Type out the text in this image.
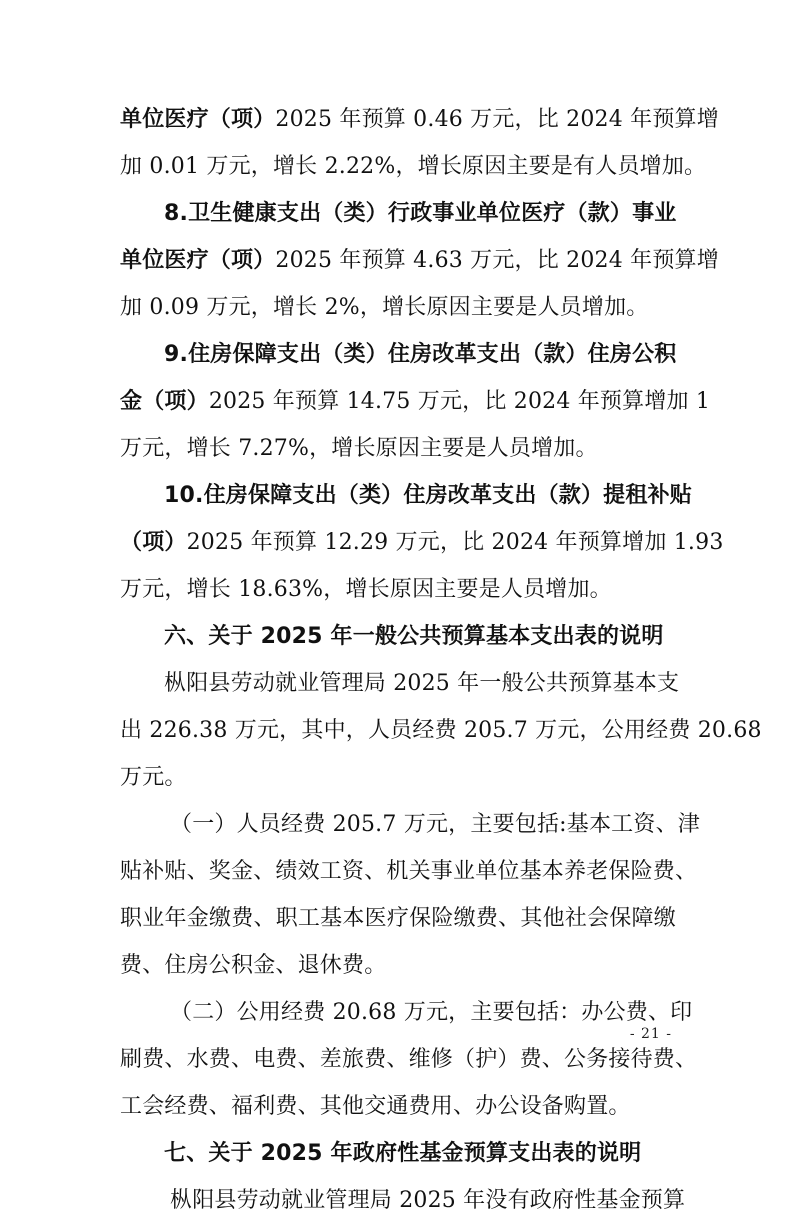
单位医疗（项）2025 年预算 0.46 万元，比 2024 年预算增
加 0.01 万元，增长 2.22%，增长原因主要是有人员增加。
8.卫生健康支出（类）行政事业单位医疗（款）事业
单位医疗（项）2025 年预算 4.63 万元，比 2024 年预算增
加 0.09 万元，增长 2%，增长原因主要是人员增加。
9.住房保障支出（类）住房改革支出（款）住房公积
金（项）2025 年预算 14.75 万元，比 2024 年预算增加 1
万元，增长 7.27%，增长原因主要是人员增加。
10.住房保障支出（类）住房改革支出（款）提租补贴
（项）2025 年预算 12.29 万元，比 2024 年预算增加 1.93
万元，增长 18.63%，增长原因主要是人员增加。
六、关于 2025 年一般公共预算基本支出表的说明
枞阳县劳动就业管理局 2025 年一般公共预算基本支
出 226.38 万元，其中，人员经费 205.7 万元，公用经费 20.68
万元。
（一）人员经费 205.7 万元，主要包括:基本工资、津
贴补贴、奖金、绩效工资、机关事业单位基本养老保险费、
职业年金缴费、职工基本医疗保险缴费、其他社会保障缴
费、住房公积金、退休费。
（二）公用经费 20.68 万元，主要包括：办公费、印
刷费、水费、电费、差旅费、维修（护）费、公务接待费、
工会经费、福利费、其他交通费用、办公设备购置。
七、关于 2025 年政府性基金预算支出表的说明
枞阳县劳动就业管理局 2025 年没有政府性基金预算
- 21 -
